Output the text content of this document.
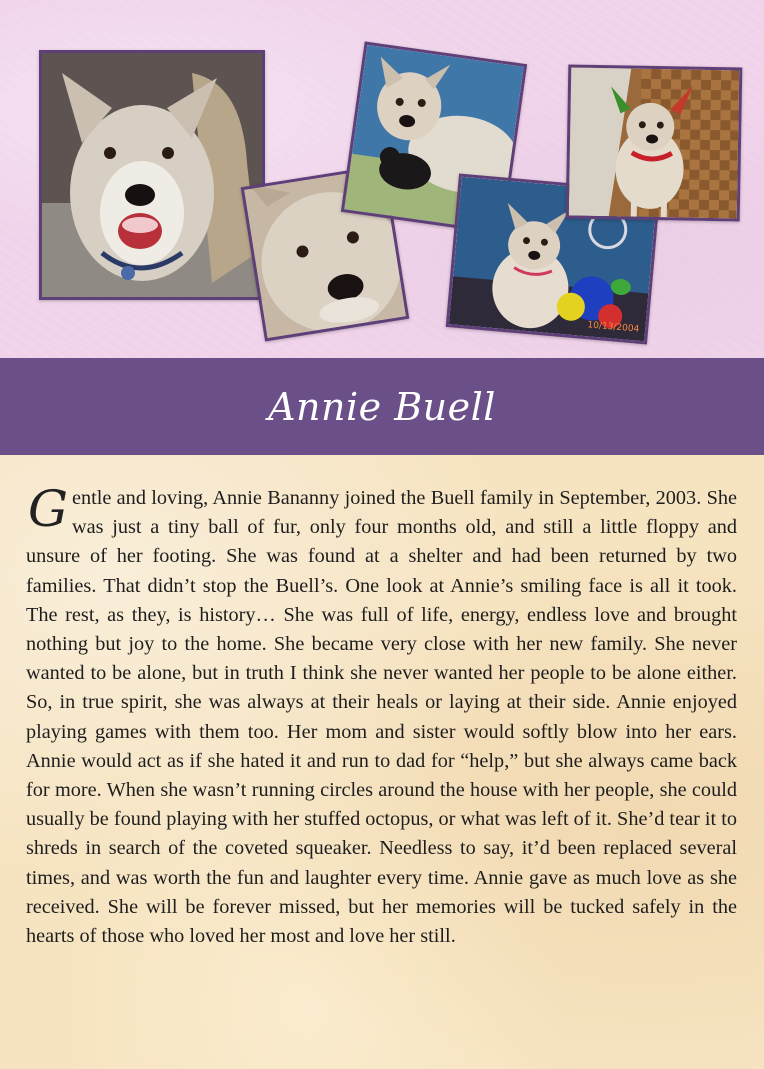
10/13/2004
Annie Buell
Gentle and loving, Annie Bananny joined the Buell family in September, 2003. She was just a tiny ball of fur, only four months old, and still a little floppy and unsure of her footing. She was found at a shelter and had been returned by two families. That didn’t stop the Buell’s. One look at Annie’s smiling face is all it took. The rest, as they, is history… She was full of life, energy, endless love and brought nothing but joy to the home. She became very close with her new family. She never wanted to be alone, but in truth I think she never wanted her people to be alone either. So, in true spirit, she was always at their heals or laying at their side. Annie enjoyed playing games with them too. Her mom and sister would softly blow into her ears. Annie would act as if she hated it and run to dad for “help,” but she always came back for more. When she wasn’t running circles around the house with her people, she could usually be found playing with her stuffed octopus, or what was left of it. She’d tear it to shreds in search of the coveted squeaker. Needless to say, it’d been replaced several times, and was worth the fun and laughter every time. Annie gave as much love as she received. She will be forever missed, but her memories will be tucked safely in the hearts of those who loved her most and love her still.
